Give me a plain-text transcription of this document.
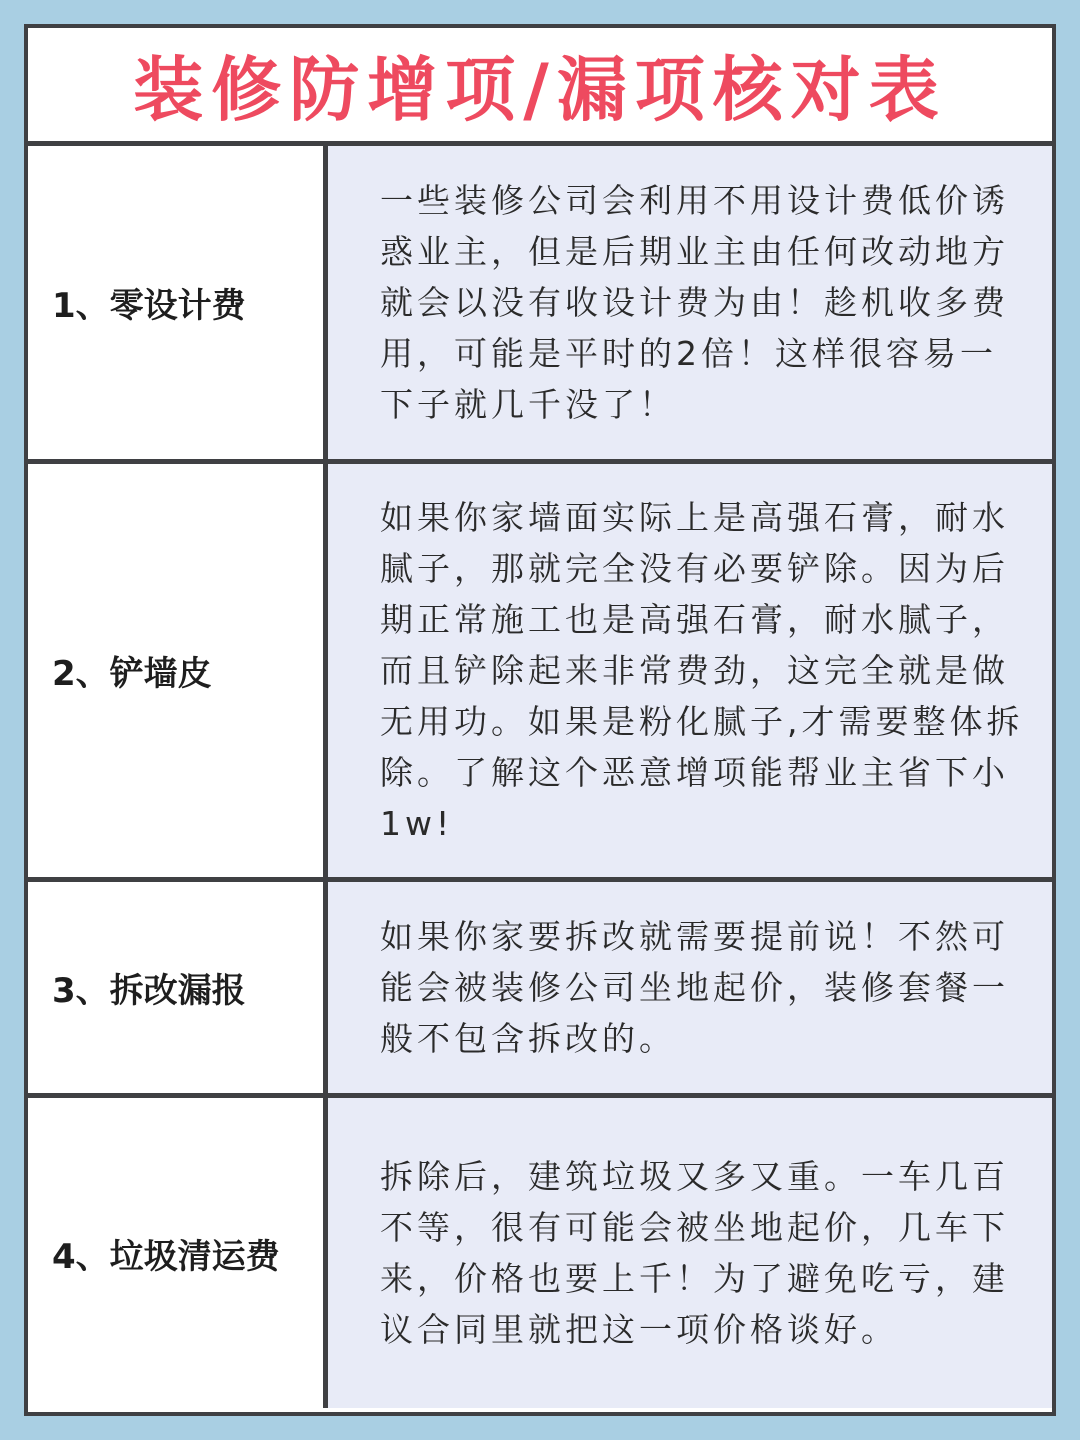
装修防增项/漏项核对表
1、零设计费

一些装修公司会利用不用设计费低价诱惑业主，但是后期业主由任何改动地方就会以没有收设计费为由！趁机收多费用，可能是平时的2倍！这样很容易一下子就几千没了！

2、铲墙皮

如果你家墙面实际上是高强石膏，耐水腻子，那就完全没有必要铲除。因为后期正常施工也是高强石膏，耐水腻子，而且铲除起来非常费劲，这完全就是做无用功。如果是粉化腻子,才需要整体拆除。了解这个恶意增项能帮业主省下小1w!

3、拆改漏报

如果你家要拆改就需要提前说！不然可能会被装修公司坐地起价，装修套餐一般不包含拆改的。

4、垃圾清运费

拆除后，建筑垃圾又多又重。一车几百不等，很有可能会被坐地起价，几车下来，价格也要上千！为了避免吃亏，建议合同里就把这一项价格谈好。
